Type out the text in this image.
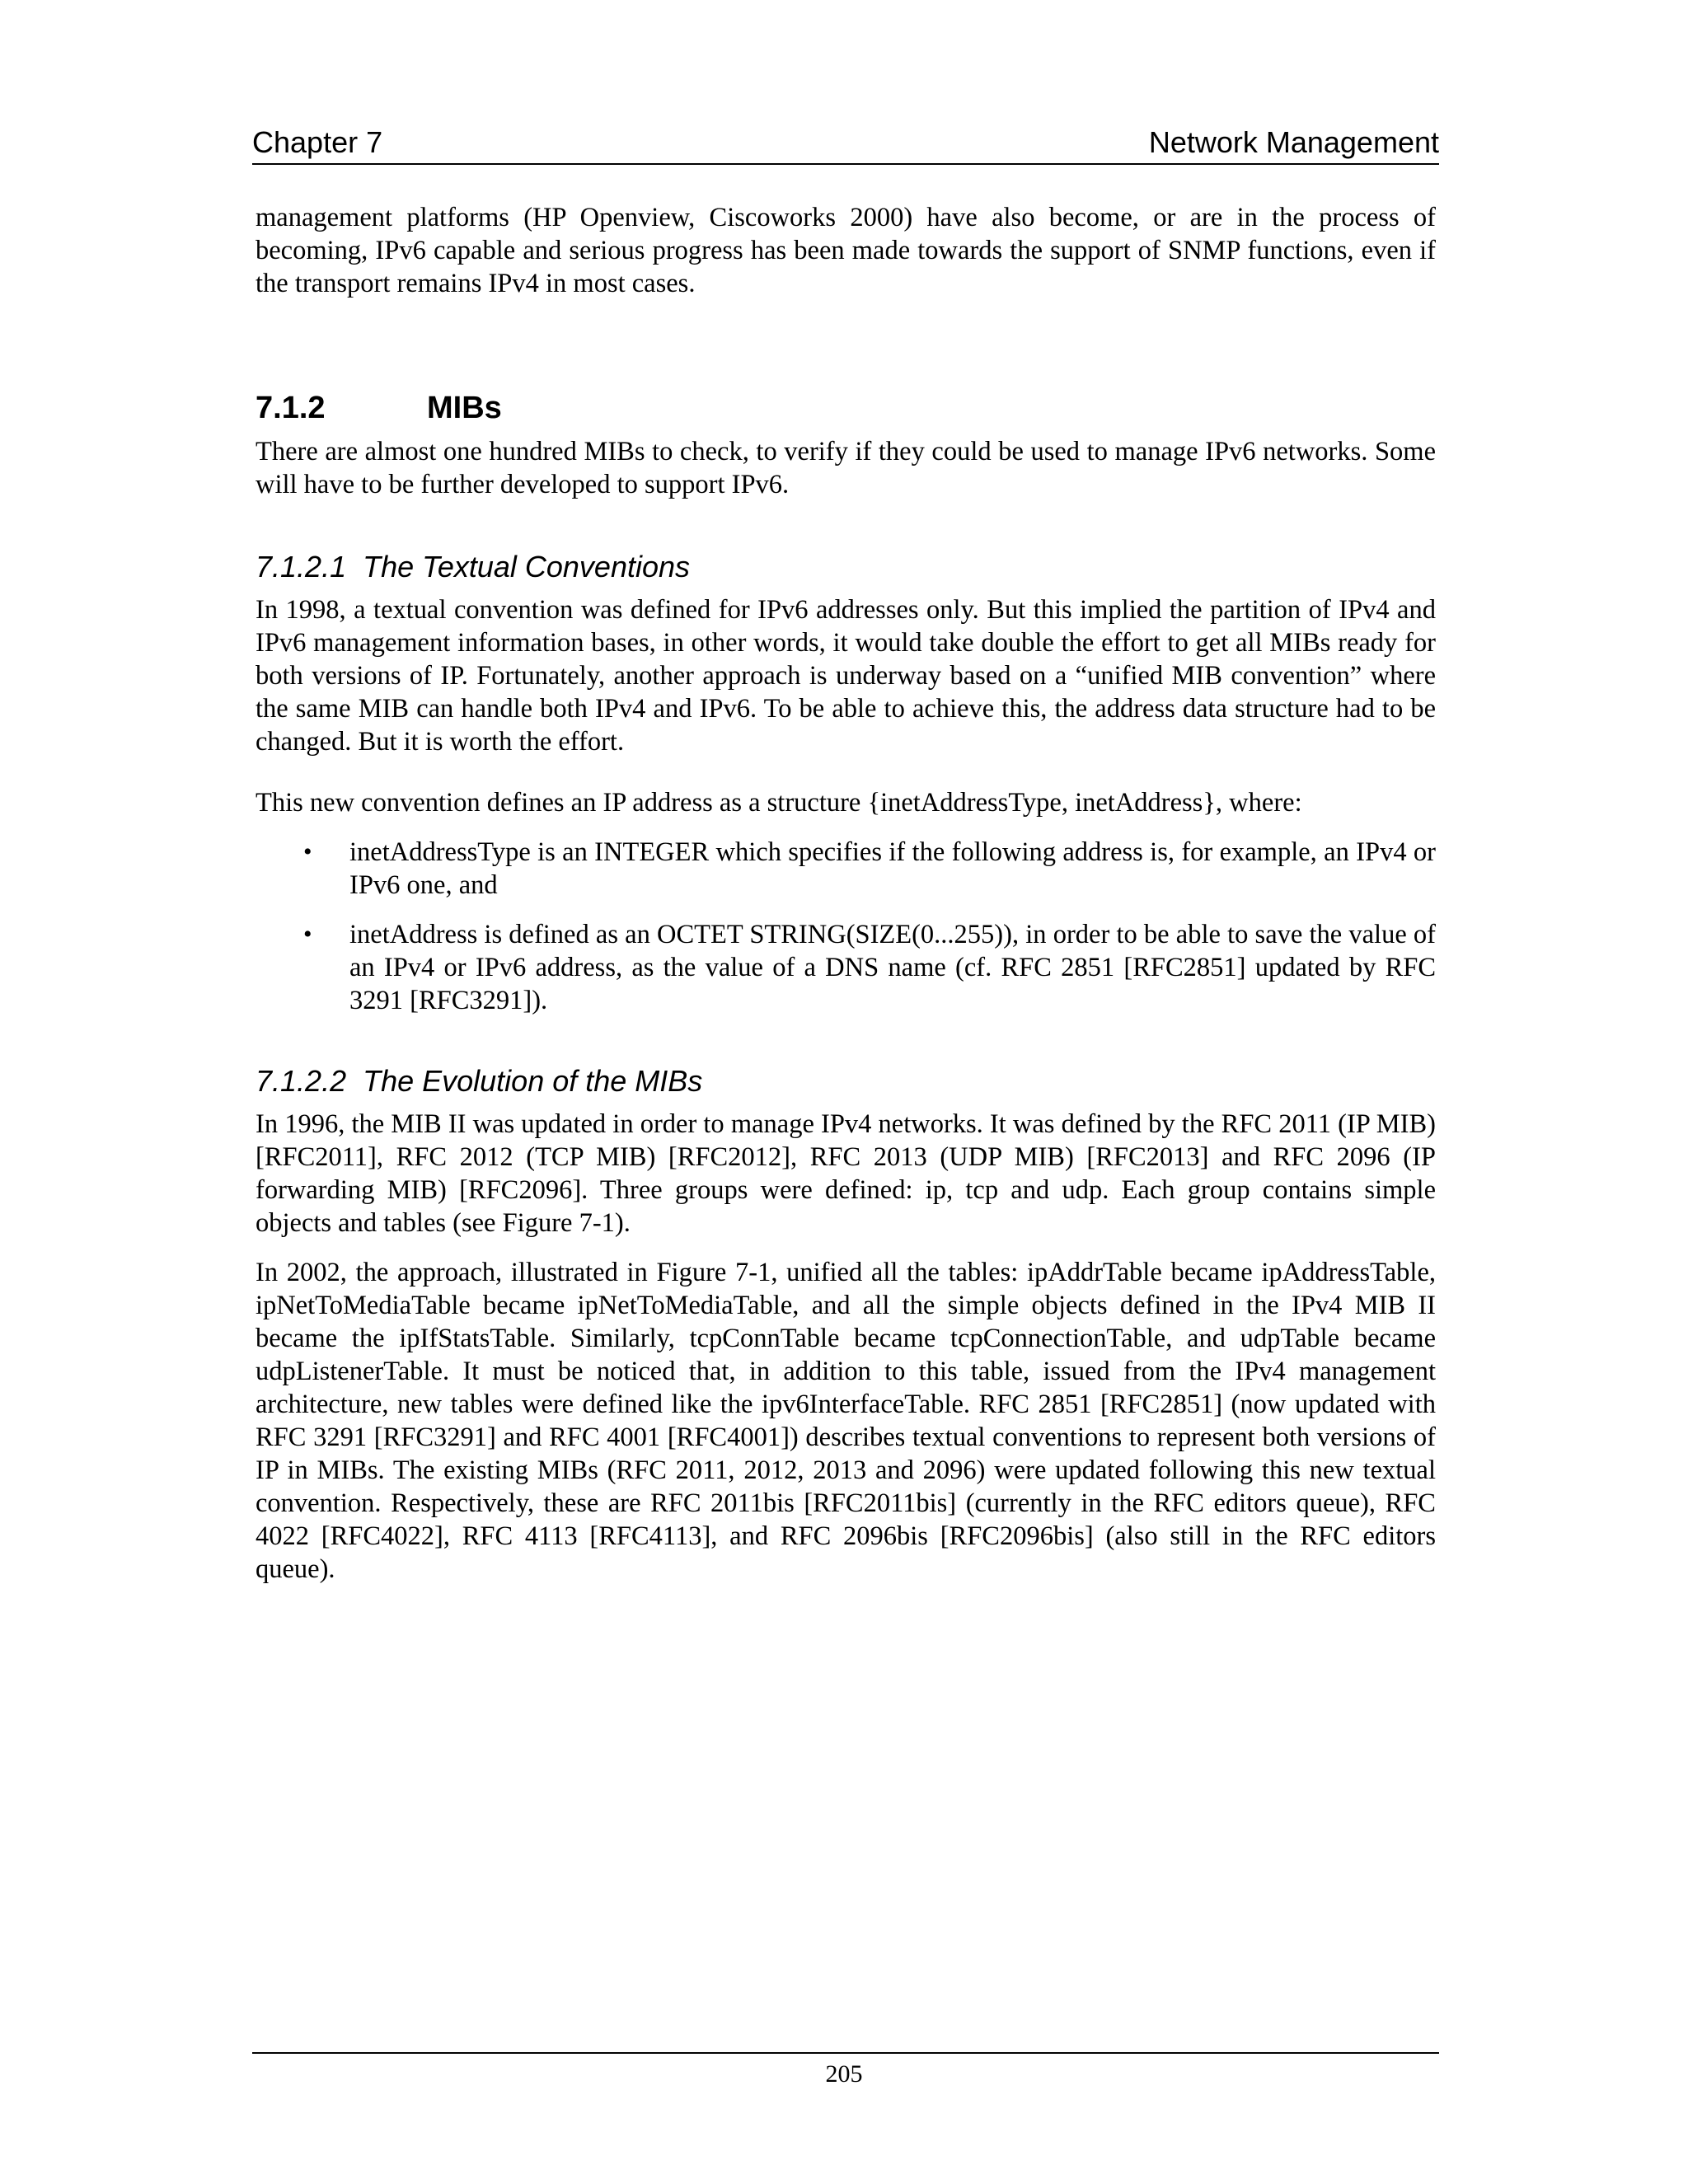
Chapter 7	Network Management

management platforms (HP Openview, Ciscoworks 2000) have also become, or are in the process of becoming, IPv6 capable and serious progress has been made towards the support of SNMP functions, even if the transport remains IPv4 in most cases.

7.1.2	MIBs

There are almost one hundred MIBs to check, to verify if they could be used to manage IPv6 networks. Some will have to be further developed to support IPv6.

7.1.2.1  The Textual Conventions

In 1998, a textual convention was defined for IPv6 addresses only. But this implied the partition of IPv4 and IPv6 management information bases, in other words, it would take double the effort to get all MIBs ready for both versions of IP. Fortunately, another approach is underway based on a “unified MIB convention” where the same MIB can handle both IPv4 and IPv6. To be able to achieve this, the address data structure had to be changed. But it is worth the effort.

This new convention defines an IP address as a structure {inetAddressType, inetAddress}, where:

• inetAddressType is an INTEGER which specifies if the following address is, for example, an IPv4 or IPv6 one, and
• inetAddress is defined as an OCTET STRING(SIZE(0...255)), in order to be able to save the value of an IPv4 or IPv6 address, as the value of a DNS name (cf. RFC 2851 [RFC2851] updated by RFC 3291 [RFC3291]).
7.1.2.2  The Evolution of the MIBs

In 1996, the MIB II was updated in order to manage IPv4 networks. It was defined by the RFC 2011 (IP MIB) [RFC2011], RFC 2012 (TCP MIB) [RFC2012], RFC 2013 (UDP MIB) [RFC2013] and RFC 2096 (IP forwarding MIB) [RFC2096]. Three groups were defined: ip, tcp and udp. Each group contains simple objects and tables (see Figure 7-1).

In 2002, the approach, illustrated in Figure 7-1, unified all the tables: ipAddrTable became ipAddressTable, ipNetToMediaTable became ipNetToMediaTable, and all the simple objects defined in the IPv4 MIB II became the ipIfStatsTable. Similarly, tcpConnTable became tcpConnectionTable, and udpTable became udpListenerTable. It must be noticed that, in addition to this table, issued from the IPv4 management architecture, new tables were defined like the ipv6InterfaceTable. RFC 2851 [RFC2851] (now updated with RFC 3291 [RFC3291] and RFC 4001 [RFC4001]) describes textual conventions to represent both versions of IP in MIBs. The existing MIBs (RFC 2011, 2012, 2013 and 2096) were updated following this new textual convention. Respectively, these are RFC 2011bis [RFC2011bis] (currently in the RFC editors queue), RFC 4022 [RFC4022], RFC 4113 [RFC4113], and RFC 2096bis [RFC2096bis] (also still in the RFC editors queue).

205
